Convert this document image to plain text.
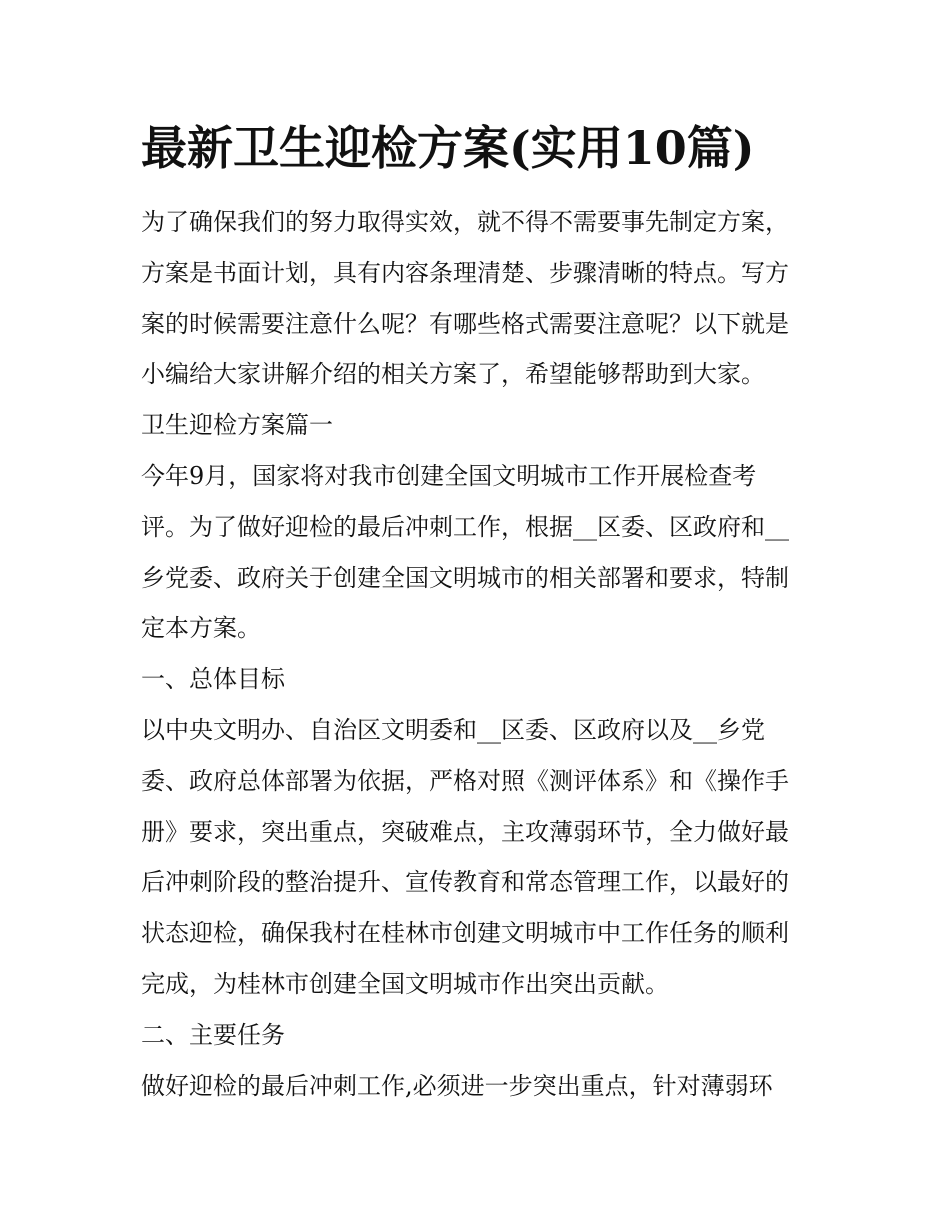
最新卫生迎检方案(实用10篇)
为了确保我们的努力取得实效，就不得不需要事先制定方案，
方案是书面计划，具有内容条理清楚、步骤清晰的特点。写方
案的时候需要注意什么呢？有哪些格式需要注意呢？以下就是
小编给大家讲解介绍的相关方案了，希望能够帮助到大家。
卫生迎检方案篇一
今年9月，国家将对我市创建全国文明城市工作开展检查考
评。为了做好迎检的最后冲刺工作，根据__区委、区政府和__
乡党委、政府关于创建全国文明城市的相关部署和要求，特制
定本方案。
一、总体目标
以中央文明办、自治区文明委和__区委、区政府以及__乡党
委、政府总体部署为依据，严格对照《测评体系》和《操作手
册》要求，突出重点，突破难点，主攻薄弱环节，全力做好最
后冲刺阶段的整治提升、宣传教育和常态管理工作，以最好的
状态迎检，确保我村在桂林市创建文明城市中工作任务的顺利
完成，为桂林市创建全国文明城市作出突出贡献。
二、主要任务
做好迎检的最后冲刺工作,必须进一步突出重点，针对薄弱环
